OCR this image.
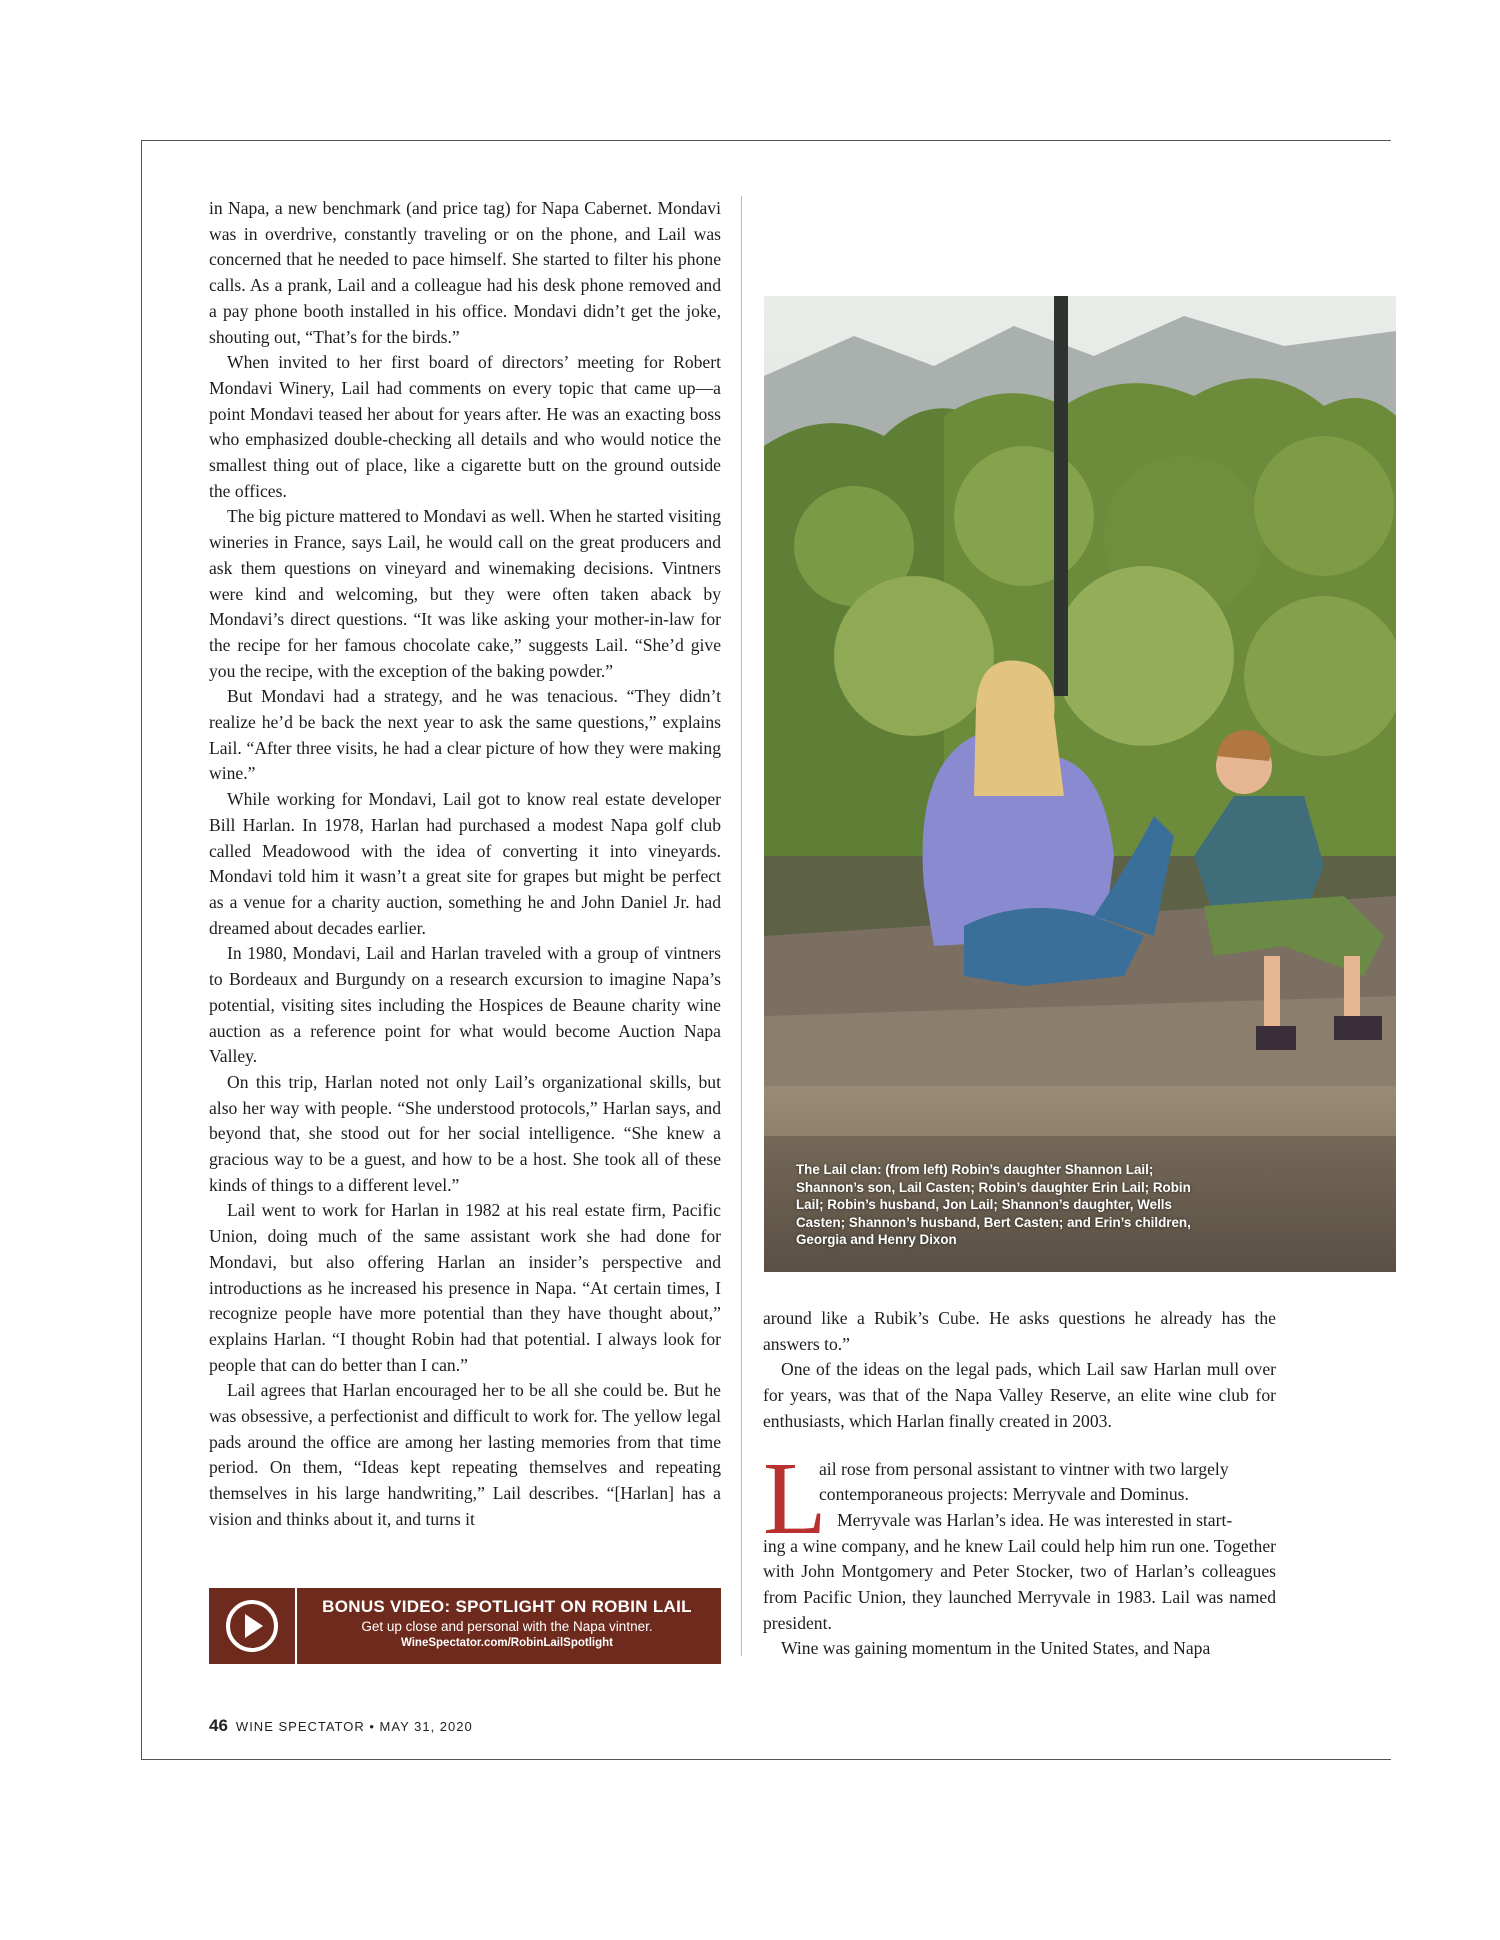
in Napa, a new benchmark (and price tag) for Napa Cabernet. Mondavi was in overdrive, constantly traveling or on the phone, and Lail was concerned that he needed to pace himself. She started to filter his phone calls. As a prank, Lail and a colleague had his desk phone removed and a pay phone booth installed in his office. Mondavi didn’t get the joke, shouting out, “That’s for the birds.”

When invited to her first board of directors’ meeting for Robert Mondavi Winery, Lail had comments on every topic that came up—a point Mondavi teased her about for years after. He was an exacting boss who emphasized double-checking all details and who would notice the smallest thing out of place, like a cigarette butt on the ground outside the offices.

The big picture mattered to Mondavi as well. When he started visiting wineries in France, says Lail, he would call on the great producers and ask them questions on vineyard and winemaking decisions. Vintners were kind and welcoming, but they were often taken aback by Mondavi’s direct questions. “It was like asking your mother-in-law for the recipe for her famous chocolate cake,” suggests Lail. “She’d give you the recipe, with the exception of the baking powder.”

But Mondavi had a strategy, and he was tenacious. “They didn’t realize he’d be back the next year to ask the same questions,” explains Lail. “After three visits, he had a clear picture of how they were making wine.”

While working for Mondavi, Lail got to know real estate developer Bill Harlan. In 1978, Harlan had purchased a modest Napa golf club called Meadowood with the idea of converting it into vineyards. Mondavi told him it wasn’t a great site for grapes but might be perfect as a venue for a charity auction, something he and John Daniel Jr. had dreamed about decades earlier.

In 1980, Mondavi, Lail and Harlan traveled with a group of vintners to Bordeaux and Burgundy on a research excursion to imagine Napa’s potential, visiting sites including the Hospices de Beaune charity wine auction as a reference point for what would become Auction Napa Valley.

On this trip, Harlan noted not only Lail’s organizational skills, but also her way with people. “She understood protocols,” Harlan says, and beyond that, she stood out for her social intelligence. “She knew a gracious way to be a guest, and how to be a host. She took all of these kinds of things to a different level.”

Lail went to work for Harlan in 1982 at his real estate firm, Pacific Union, doing much of the same assistant work she had done for Mondavi, but also offering Harlan an insider’s perspective and introductions as he increased his presence in Napa. “At certain times, I recognize people have more potential than they have thought about,” explains Harlan. “I thought Robin had that potential. I always look for people that can do better than I can.”

Lail agrees that Harlan encouraged her to be all she could be. But he was obsessive, a perfectionist and difficult to work for. The yellow legal pads around the office are among her lasting memories from that time period. On them, “Ideas kept repeating themselves and repeating themselves in his large handwriting,” Lail describes. “[Harlan] has a vision and thinks about it, and turns it

The Lail clan: (from left) Robin’s daughter Shannon Lail; Shannon’s son, Lail Casten; Robin’s daughter Erin Lail; Robin Lail; Robin’s husband, Jon Lail; Shannon’s daughter, Wells Casten; Shannon’s husband, Bert Casten; and Erin’s children, Georgia and Henry Dixon

around like a Rubik’s Cube. He asks questions he already has the answers to.”

One of the ideas on the legal pads, which Lail saw Harlan mull over for years, was that of the Napa Valley Reserve, an elite wine club for enthusiasts, which Harlan finally created in 2003.

L

ail rose from personal assistant to vintner with two largely

contemporaneous projects: Merryvale and Dominus.

Merryvale was Harlan’s idea. He was interested in start-

ing a wine company, and he knew Lail could help him run one. Together with John Montgomery and Peter Stocker, two of Harlan’s colleagues from Pacific Union, they launched Merryvale in 1983. Lail was named president.

Wine was gaining momentum in the United States, and Napa

BONUS VIDEO: SPOTLIGHT ON ROBIN LAIL
Get up close and personal with the Napa vintner.
WineSpectator.com/RobinLailSpotlight
46 WINE SPECTATOR • MAY 31, 2020
